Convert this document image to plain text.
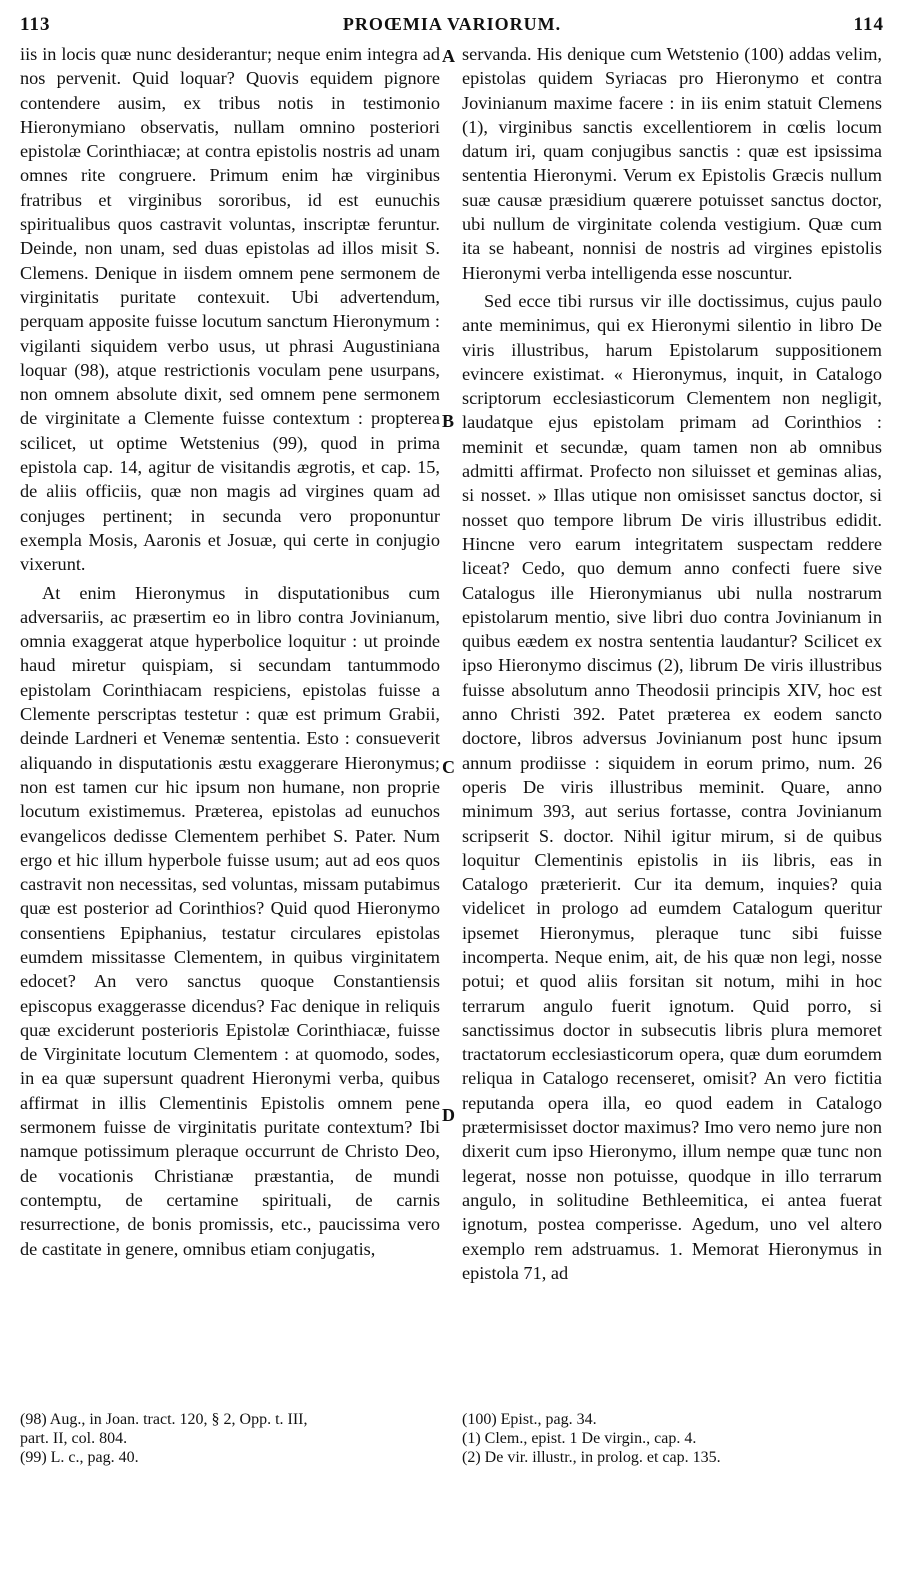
113	PROŒMIA VARIORUM.	114

iis in locis quæ nunc desiderantur; neque enim integra ad nos pervenit. Quid loquar? Quovis equidem pignore contendere ausim, ex tribus notis in testimonio Hieronymiano observatis, nullam omnino posteriori epistolæ Corinthiacæ; at contra epistolis nostris ad unam omnes rite congruere. Primum enim hæ virginibus fratribus et virginibus sororibus, id est eunuchis spiritualibus quos castravit voluntas, inscriptæ feruntur. Deinde, non unam, sed duas epistolas ad illos misit S. Clemens. Denique in iisdem omnem pene sermonem de virginitatis puritate contexuit. Ubi advertendum, perquam apposite fuisse locutum sanctum Hieronymum : vigilanti siquidem verbo usus, ut phrasi Augustiniana loquar (98), atque restrictionis voculam pene usurpans, non omnem absolute dixit, sed omnem pene sermonem de virginitate a Clemente fuisse contextum : propterea scilicet, ut optime Wetstenius (99), quod in prima epistola cap. 14, agitur de visitandis ægrotis, et cap. 15, de aliis officiis, quæ non magis ad virgines quam ad conjuges pertinent; in secunda vero proponuntur exempla Mosis, Aaronis et Josuæ, qui certe in conjugio vixerunt.

At enim Hieronymus in disputationibus cum adversariis, ac præsertim eo in libro contra Jovinianum, omnia exaggerat atque hyperbolice loquitur : ut proinde haud miretur quispiam, si secundam tantummodo epistolam Corinthiacam respiciens, epistolas fuisse a Clemente perscriptas testetur : quæ est primum Grabii, deinde Lardneri et Venemæ sententia. Esto : consueverit aliquando in disputationis æstu exaggerare Hieronymus; non est tamen cur hic ipsum non humane, non proprie locutum existimemus. Præterea, epistolas ad eunuchos evangelicos dedisse Clementem perhibet S. Pater. Num ergo et hic illum hyperbole fuisse usum; aut ad eos quos castravit non necessitas, sed voluntas, missam putabimus quæ est posterior ad Corinthios? Quid quod Hieronymo consentiens Epiphanius, testatur circulares epistolas eumdem missitasse Clementem, in quibus virginitatem edocet? An vero sanctus quoque Constantiensis episcopus exaggerasse dicendus? Fac denique in reliquis quæ exciderunt posterioris Epistolæ Corinthiacæ, fuisse de Virginitate locutum Clementem : at quomodo, sodes, in ea quæ supersunt quadrent Hieronymi verba, quibus affirmat in illis Clementinis Epistolis omnem pene sermonem fuisse de virginitatis puritate contextum? Ibi namque potissimum pleraque occurrunt de Christo Deo, de vocationis Christianæ præstantia, de mundi contemptu, de certamine spirituali, de carnis resurrectione, de bonis promissis, etc., paucissima vero de castitate in genere, omnibus etiam conjugatis,

servanda. His denique cum Wetstenio (100) addas velim, epistolas quidem Syriacas pro Hieronymo et contra Jovinianum maxime facere : in iis enim statuit Clemens (1), virginibus sanctis excellentiorem in cœlis locum datum iri, quam conjugibus sanctis : quæ est ipsissima sententia Hieronymi. Verum ex Epistolis Græcis nullum suæ causæ præsidium quærere potuisset sanctus doctor, ubi nullum de virginitate colenda vestigium. Quæ cum ita se habeant, nonnisi de nostris ad virgines epistolis Hieronymi verba intelligenda esse noscuntur.

Sed ecce tibi rursus vir ille doctissimus, cujus paulo ante meminimus, qui ex Hieronymi silentio in libro De viris illustribus, harum Epistolarum suppositionem evincere existimat. « Hieronymus, inquit, in Catalogo scriptorum ecclesiasticorum Clementem non negligit, laudatque ejus epistolam primam ad Corinthios : meminit et secundæ, quam tamen non ab omnibus admitti affirmat. Profecto non siluisset et geminas alias, si nosset. » Illas utique non omisisset sanctus doctor, si nosset quo tempore librum De viris illustribus edidit. Hincne vero earum integritatem suspectam reddere liceat? Cedo, quo demum anno confecti fuere sive Catalogus ille Hieronymianus ubi nulla nostrarum epistolarum mentio, sive libri duo contra Jovinianum in quibus eædem ex nostra sententia laudantur? Scilicet ex ipso Hieronymo discimus (2), librum De viris illustribus fuisse absolutum anno Theodosii principis XIV, hoc est anno Christi 392. Patet præterea ex eodem sancto doctore, libros adversus Jovinianum post hunc ipsum annum prodiisse : siquidem in eorum primo, num. 26 operis De viris illustribus meminit. Quare, anno minimum 393, aut serius fortasse, contra Jovinianum scripserit S. doctor. Nihil igitur mirum, si de quibus loquitur Clementinis epistolis in iis libris, eas in Catalogo præterierit. Cur ita demum, inquies? quia videlicet in prologo ad eumdem Catalogum queritur ipsemet Hieronymus, pleraque tunc sibi fuisse incomperta. Neque enim, ait, de his quæ non legi, nosse potui; et quod aliis forsitan sit notum, mihi in hoc terrarum angulo fuerit ignotum. Quid porro, si sanctissimus doctor in subsecutis libris plura memoret tractatorum ecclesiasticorum opera, quæ dum eorumdem reliqua in Catalogo recenseret, omisit? An vero fictitia reputanda opera illa, eo quod eadem in Catalogo prætermisisset doctor maximus? Imo vero nemo jure non dixerit cum ipso Hieronymo, illum nempe quæ tunc non legerat, nosse non potuisse, quodque in illo terrarum angulo, in solitudine Bethleemitica, ei antea fuerat ignotum, postea comperisse. Agedum, uno vel altero exemplo rem adstruamus. 1. Memorat Hieronymus in epistola 71, ad

A
B
C
D
(98) Aug., in Joan. tract. 120, § 2, Opp. t. III,
part. II, col. 804.
(99) L. c., pag. 40.
(100) Epist., pag. 34.
(1) Clem., epist. 1 De virgin., cap. 4.
(2) De vir. illustr., in prolog. et cap. 135.
